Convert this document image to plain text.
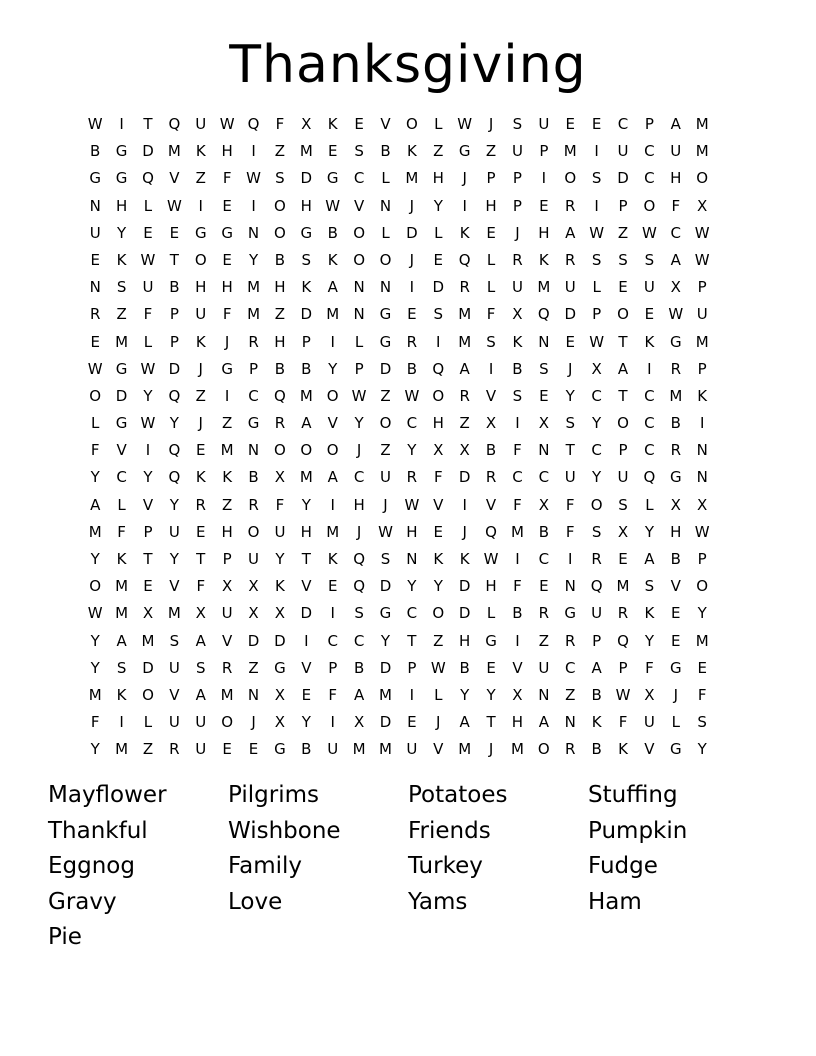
Thanksgiving
W	I	T	Q	U W Q	F	X	K	E	V	O	L W	J	S	U	E	E	C	P	A M
B	G D M K	H	I	Z M	E	S	B	K	Z	G	Z	U	P	M	I	U	C	U M
G G Q	V	Z	F W S	D G	C	L	M H	J	P	P	I	O	S	D	C	H O
N	H	L W	I	E	I	O H W V	N	J	Y	I	H	P	E	R	I	P	O	F	X
U	Y	E	E	G G N O G	B	O	L	D	L	K	E	J	H	A W Z W C W
E	K W T	O	E	Y	B	S	K	O O	J	E	Q	L	R	K	R	S	S	S	A W
N	S	U	B	H	H M H	K	A	N	N	I	D	R	L	U M U	L	E	U	X	P
R	Z	F	P	U	F	M Z	D M N G	E	S	M	F	X	Q D	P	O	E W U
E	M	L	P	K	J	R	H	P	I	L	G	R	I	M	S	K	N	E W T	K	G M
W G W D	J	G	P	B	B	Y	P	D	B	Q	A	I	B	S	J	X	A	I	R	P
O D	Y	Q	Z	I	C	Q M O W Z W O	R	V	S	E	Y	C	T	C M K
L	G W Y	J	Z	G	R	A	V	Y	O	C	H	Z	X	I	X	S	Y	O	C	B	I
F	V	I	Q	E	M N O O O	J	Z	Y	X	X	B	F	N	T	C	P	C	R	N
Y	C	Y	Q	K	K	B	X M A	C	U	R	F	D	R	C	C	U	Y	U Q G N
A	L	V	Y	R	Z	R	F	Y	I	H	J	W V	I	V	F	X	F	O	S	L	X	X
M	F	P	U	E	H O	U	H M	J	W H	E	J	Q M B	F	S	X	Y	H W
Y	K	T	Y	T	P	U	Y	T	K	Q	S	N	K	K W	I	C	I	R	E	A	B	P
O M	E	V	F	X	X	K	V	E	Q D	Y	Y	D H	F	E	N Q M	S	V	O
W M X M X	U	X	X	D	I	S	G	C	O D	L	B	R	G	U	R	K	E	Y
Y	A M	S	A	V	D D	I	C	C	Y	T	Z	H G	I	Z	R	P	Q	Y	E	M
Y	S	D	U	S	R	Z	G	V	P	B	D	P W B	E	V	U	C	A	P	F	G	E
M K	O	V	A M N	X	E	F	A M	I	L	Y	Y	X	N	Z	B W X	J	F
F	I	L	U	U O	J	X	Y	I	X	D	E	J	A	T	H	A	N	K	F	U	L	S
Y	M Z	R	U	E	E	G	B	U M M U	V M	J	M O	R	B	K	V	G	Y
Mayflower	Pilgrims	Potatoes	Stuffing
Thankful	Wishbone	Friends	Pumpkin
Eggnog	Family	Turkey	Fudge
Gravy	Love	Yams	Ham
Pie
